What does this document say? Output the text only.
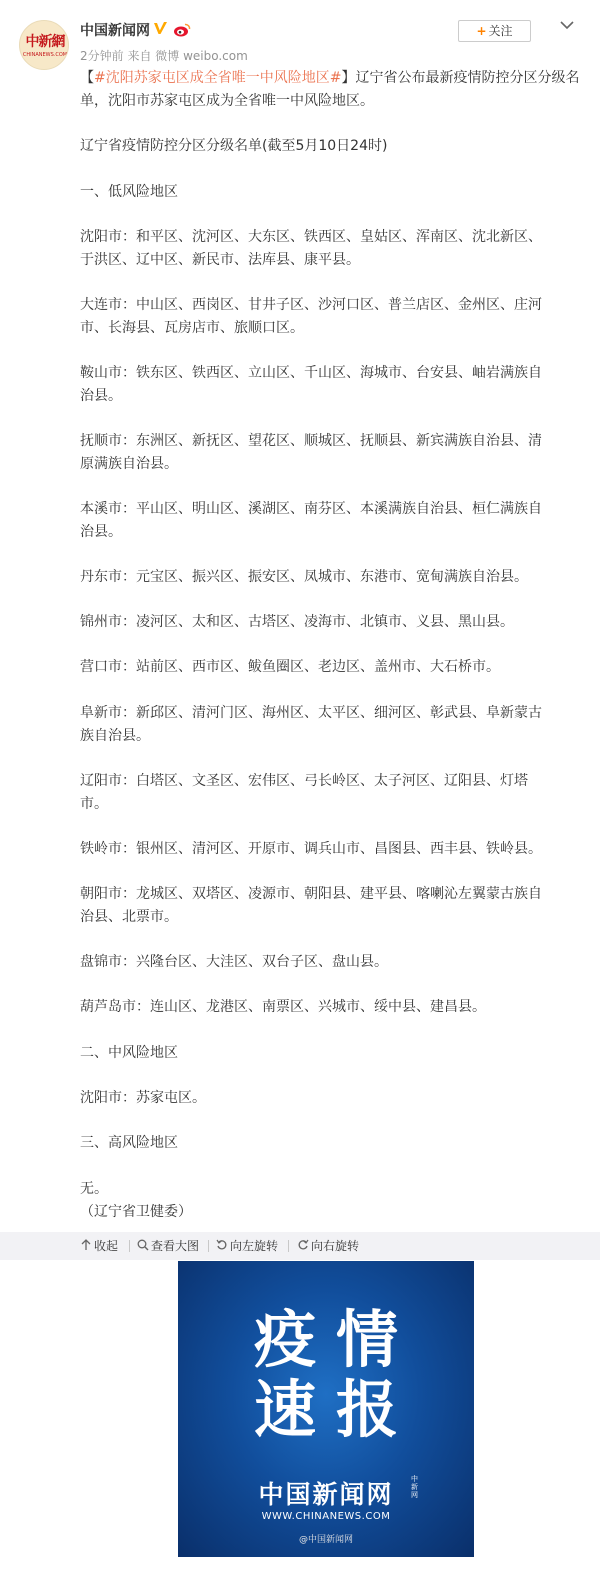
中新網
CHINANEWS.COM
中国新闻网
2分钟前 来自 微博 weibo.com
+ 关注
【#沈阳苏家屯区成全省唯一中风险地区#】辽宁省公布最新疫情防控分区分级名
单，沈阳市苏家屯区成为全省唯一中风险地区。
辽宁省疫情防控分区分级名单(截至5月10日24时)
一、低风险地区
沈阳市：和平区、沈河区、大东区、铁西区、皇姑区、浑南区、沈北新区、
于洪区、辽中区、新民市、法库县、康平县。
大连市：中山区、西岗区、甘井子区、沙河口区、普兰店区、金州区、庄河
市、长海县、瓦房店市、旅顺口区。
鞍山市：铁东区、铁西区、立山区、千山区、海城市、台安县、岫岩满族自
治县。
抚顺市：东洲区、新抚区、望花区、顺城区、抚顺县、新宾满族自治县、清
原满族自治县。
本溪市：平山区、明山区、溪湖区、南芬区、本溪满族自治县、桓仁满族自
治县。
丹东市：元宝区、振兴区、振安区、凤城市、东港市、宽甸满族自治县。
锦州市：凌河区、太和区、古塔区、凌海市、北镇市、义县、黑山县。
营口市：站前区、西市区、鲅鱼圈区、老边区、盖州市、大石桥市。
阜新市：新邱区、清河门区、海州区、太平区、细河区、彰武县、阜新蒙古
族自治县。
辽阳市：白塔区、文圣区、宏伟区、弓长岭区、太子河区、辽阳县、灯塔
市。
铁岭市：银州区、清河区、开原市、调兵山市、昌图县、西丰县、铁岭县。
朝阳市：龙城区、双塔区、凌源市、朝阳县、建平县、喀喇沁左翼蒙古族自
治县、北票市。
盘锦市：兴隆台区、大洼区、双台子区、盘山县。
葫芦岛市：连山区、龙港区、南票区、兴城市、绥中县、建昌县。
二、中风险地区
沈阳市：苏家屯区。
三、高风险地区
无。
（辽宁省卫健委）
收起	查看大图	向左旋转	向右旋转
疫情
速报
中国新闻网
中新网
WWW.CHINANEWS.COM
@中国新闻网
